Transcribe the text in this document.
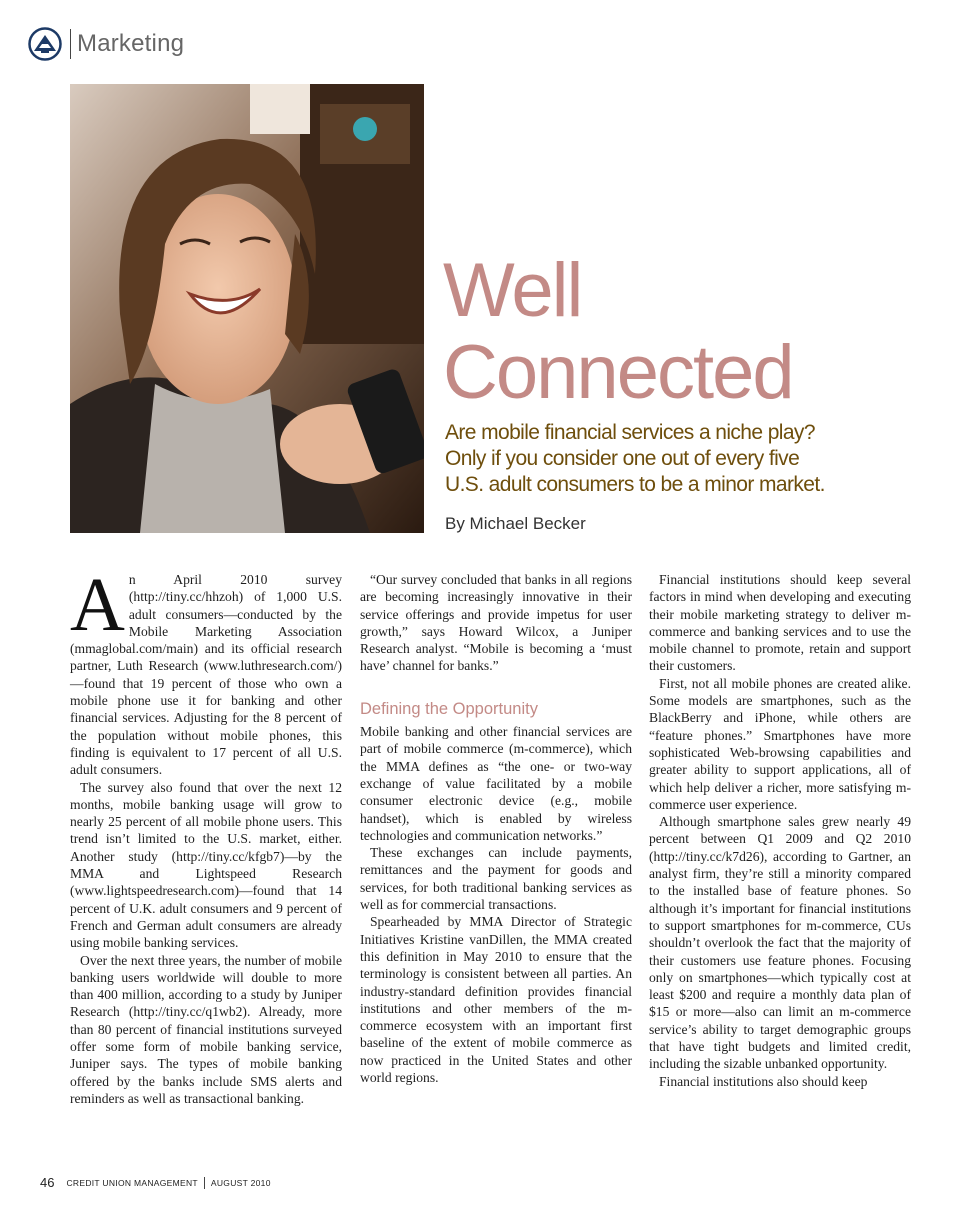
Marketing
Well
Connected
Are mobile financial services a niche play?
Only if you consider one out of every five
U.S. adult consumers to be a minor market.
By Michael Becker

An April 2010 survey (http://tiny.cc/hhzoh) of 1,000 U.S. adult consumers—conducted by the Mobile Marketing Association (mmaglobal.com/main) and its official research partner, Luth Research (www.luthresearch.com/)—found that 19 percent of those who own a mobile phone use it for banking and other financial services. Adjusting for the 8 percent of the population without mobile phones, this finding is equivalent to 17 percent of all U.S. adult consumers.

The survey also found that over the next 12 months, mobile banking usage will grow to nearly 25 percent of all mobile phone users. This trend isn’t limited to the U.S. market, either. Another study (http://tiny.cc/kfgb7)—by the MMA and Lightspeed Research (www.lightspeedresearch.com)—found that 14 percent of U.K. adult consumers and 9 percent of French and German adult consumers are already using mobile banking services.

Over the next three years, the number of mobile banking users worldwide will double to more than 400 million, according to a study by Juniper Research (http://tiny.cc/q1wb2). Already, more than 80 percent of financial institutions surveyed offer some form of mobile banking service, Juniper says. The types of mobile banking offered by the banks include SMS alerts and reminders as well as transactional banking.

“Our survey concluded that banks in all regions are becoming increasingly innovative in their service offerings and provide impetus for user growth,” says Howard Wilcox, a Juniper Research analyst. “Mobile is becoming a ‘must have’ channel for banks.”

Defining the Opportunity

Mobile banking and other financial services are part of mobile commerce (m-commerce), which the MMA defines as “the one- or two-way exchange of value facilitated by a mobile consumer electronic device (e.g., mobile handset), which is enabled by wireless technologies and communication networks.”

These exchanges can include payments, remittances and the payment for goods and services, for both traditional banking services as well as for commercial transactions.

Spearheaded by MMA Director of Strategic Initiatives Kristine vanDillen, the MMA created this definition in May 2010 to ensure that the terminology is consistent between all parties. An industry-standard definition provides financial institutions and other members of the m-commerce ecosystem with an important first baseline of the extent of mobile commerce as now practiced in the United States and other world regions.

Financial institutions should keep several factors in mind when developing and executing their mobile marketing strategy to deliver m-commerce and banking services and to use the mobile channel to promote, retain and support their customers.

First, not all mobile phones are created alike. Some models are smartphones, such as the BlackBerry and iPhone, while others are “feature phones.” Smartphones have more sophisticated Web-browsing capabilities and greater ability to support applications, all of which help deliver a richer, more satisfying m-commerce user experience.

Although smartphone sales grew nearly 49 percent between Q1 2009 and Q2 2010 (http://tiny.cc/k7d26), according to Gartner, an analyst firm, they’re still a minority compared to the installed base of feature phones. So although it’s important for financial institutions to support smartphones for m-commerce, CUs shouldn’t overlook the fact that the majority of their customers use feature phones. Focusing only on smartphones—which typically cost at least $200 and require a monthly data plan of $15 or more—also can limit an m-commerce service’s ability to target demographic groups that have tight budgets and limited credit, including the sizable unbanked opportunity.

Financial institutions also should keep

46 CREDIT UNION MANAGEMENT AUGUST 2010
